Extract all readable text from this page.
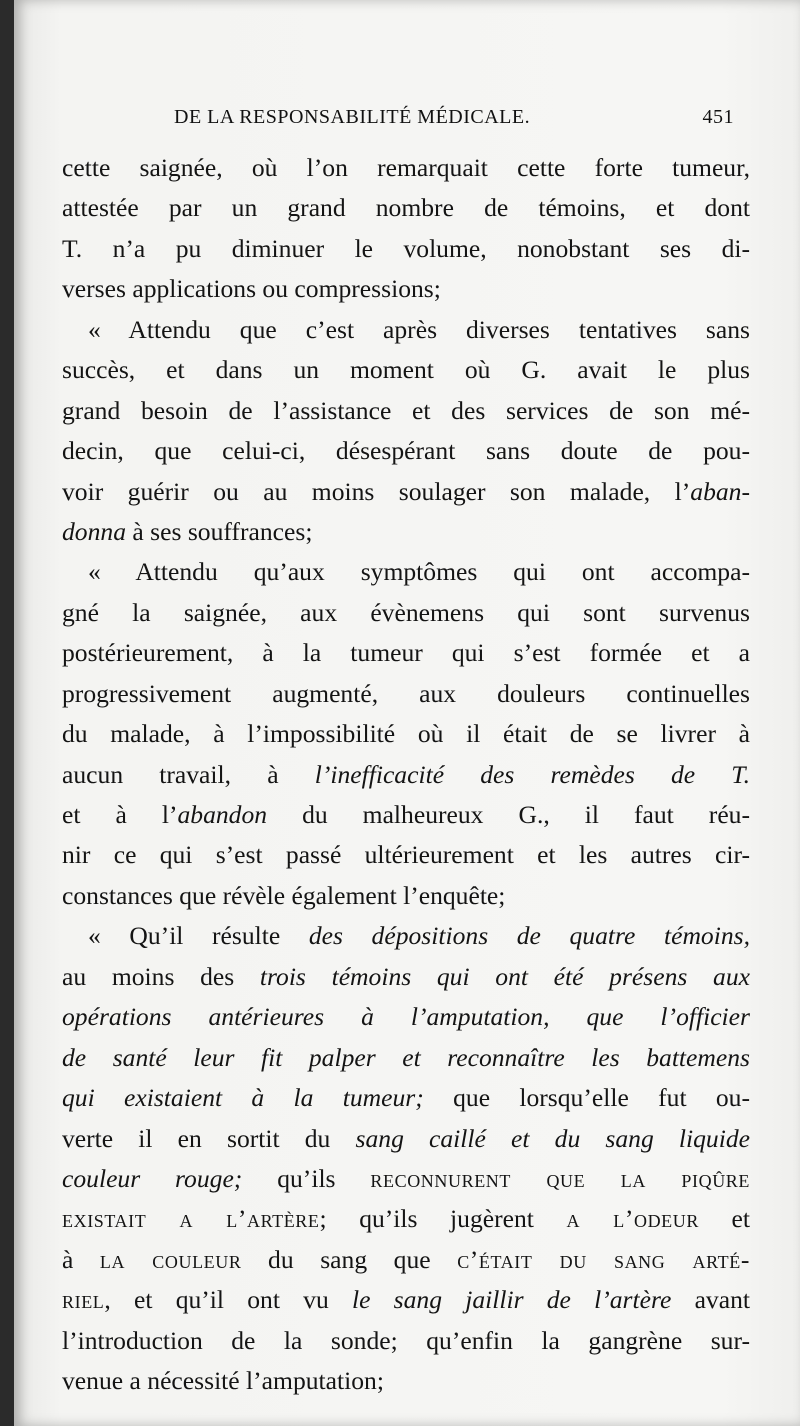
DE LA RESPONSABILITÉ MÉDICALE.	451
cette saignée, où l’on remarquait cette forte tumeur,
attestée par un grand nombre de témoins, et dont
T. n’a pu diminuer le volume, nonobstant ses di-
verses applications ou compressions;
« Attendu que c’est après diverses tentatives sans
succès, et dans un moment où G. avait le plus
grand besoin de l’assistance et des services de son mé-
decin, que celui-ci, désespérant sans doute de pou-
voir guérir ou au moins soulager son malade, l’aban-
donna à ses souffrances;
« Attendu qu’aux symptômes qui ont accompa-
gné la saignée, aux évènemens qui sont survenus
postérieurement, à la tumeur qui s’est formée et a
progressivement augmenté, aux douleurs continuelles
du malade, à l’impossibilité où il était de se livrer à
aucun travail, à l’inefficacité des remèdes de T.
et à l’abandon du malheureux G., il faut réu-
nir ce qui s’est passé ultérieurement et les autres cir-
constances que révèle également l’enquête;
« Qu’il résulte des dépositions de quatre témoins,
au moins des trois témoins qui ont été présens aux
opérations antérieures à l’amputation, que l’officier
de santé leur fit palper et reconnaître les battemens
qui existaient à la tumeur; que lorsqu’elle fut ou-
verte il en sortit du sang caillé et du sang liquide
couleur rouge; qu’ils reconnurent que la piqûre
existait a l’artère; qu’ils jugèrent a l’odeur et
à la couleur du sang que c’était du sang arté-
riel, et qu’il ont vu le sang jaillir de l’artère avant
l’introduction de la sonde; qu’enfin la gangrène sur-
venue a nécessité l’amputation;
